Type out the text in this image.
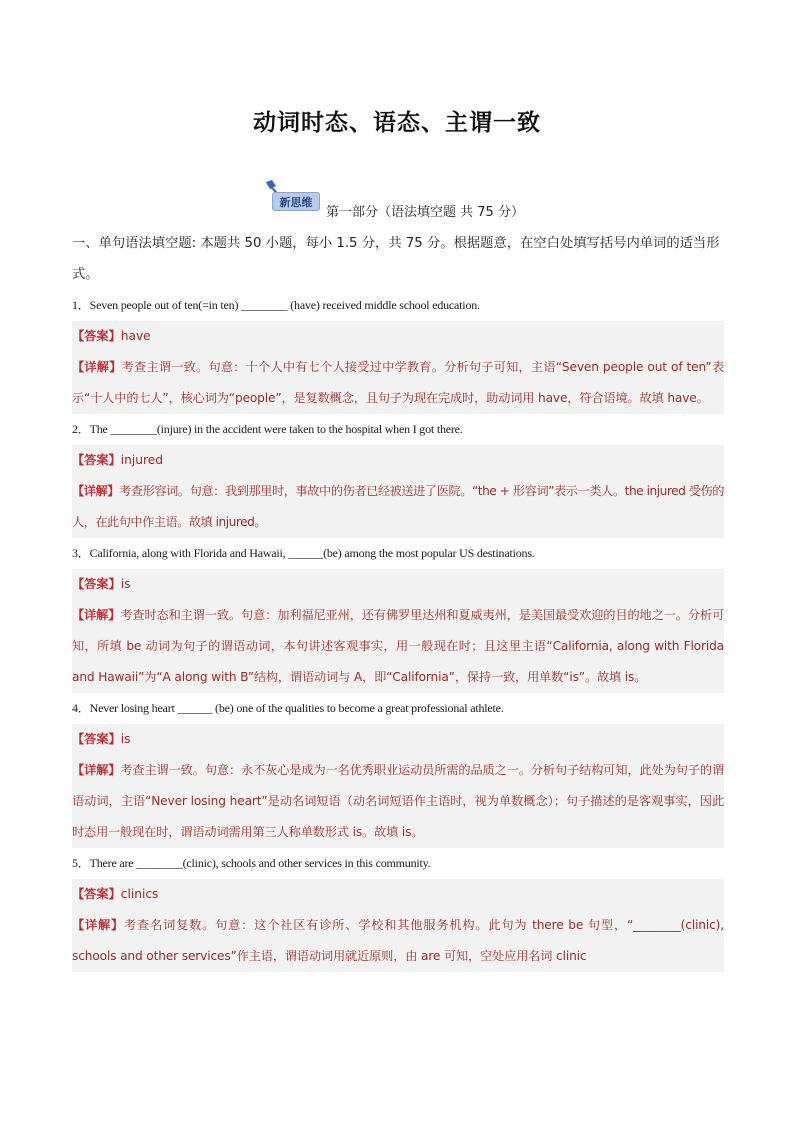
动词时态、语态、主谓一致
新思维
第一部分（语法填空题 共 75 分）

一、单句语法填空题: 本题共 50 小题，每小 1.5 分，共 75 分。根据题意，在空白处填写括号内单词的适当形式。

1．Seven people out of ten(=in ten) ________ (have) received middle school education.

【答案】have

【详解】考查主谓一致。句意：十个人中有七个人接受过中学教育。分析句子可知，主语“Seven people out of ten”表示“十人中的七人”，核心词为“people”，是复数概念，且句子为现在完成时，助动词用 have，符合语境。故填 have。

2．The ________(injure) in the accident were taken to the hospital when I got there.

【答案】injured

【详解】考查形容词。句意：我到那里时，事故中的伤者已经被送进了医院。“the + 形容词”表示一类人。the injured 受伤的人，在此句中作主语。故填 injured。

3．California, along with Florida and Hawaii, ______(be) among the most popular US destinations.

【答案】is

【详解】考查时态和主谓一致。句意：加利福尼亚州，还有佛罗里达州和夏威夷州，是美国最受欢迎的目的地之一。分析可知，所填 be 动词为句子的谓语动词，本句讲述客观事实，用一般现在时；且这里主语“California, along with Florida and Hawaii”为“A along with B”结构，谓语动词与 A，即“California”，保持一致，用单数“is”。故填 is。

4．Never losing heart ______ (be) one of the qualities to become a great professional athlete.

【答案】is

【详解】考查主谓一致。句意：永不灰心是成为一名优秀职业运动员所需的品质之一。分析句子结构可知，此处为句子的谓语动词，主语“Never losing heart”是动名词短语（动名词短语作主语时，视为单数概念）；句子描述的是客观事实，因此时态用一般现在时，谓语动词需用第三人称单数形式 is。故填 is。

5．There are ________(clinic), schools and other services in this community.

【答案】clinics

【详解】考查名词复数。句意：这个社区有诊所、学校和其他服务机构。此句为 there be 句型，“________(clinic), schools and other services”作主语，谓语动词用就近原则，由 are 可知，空处应用名词 clinic
